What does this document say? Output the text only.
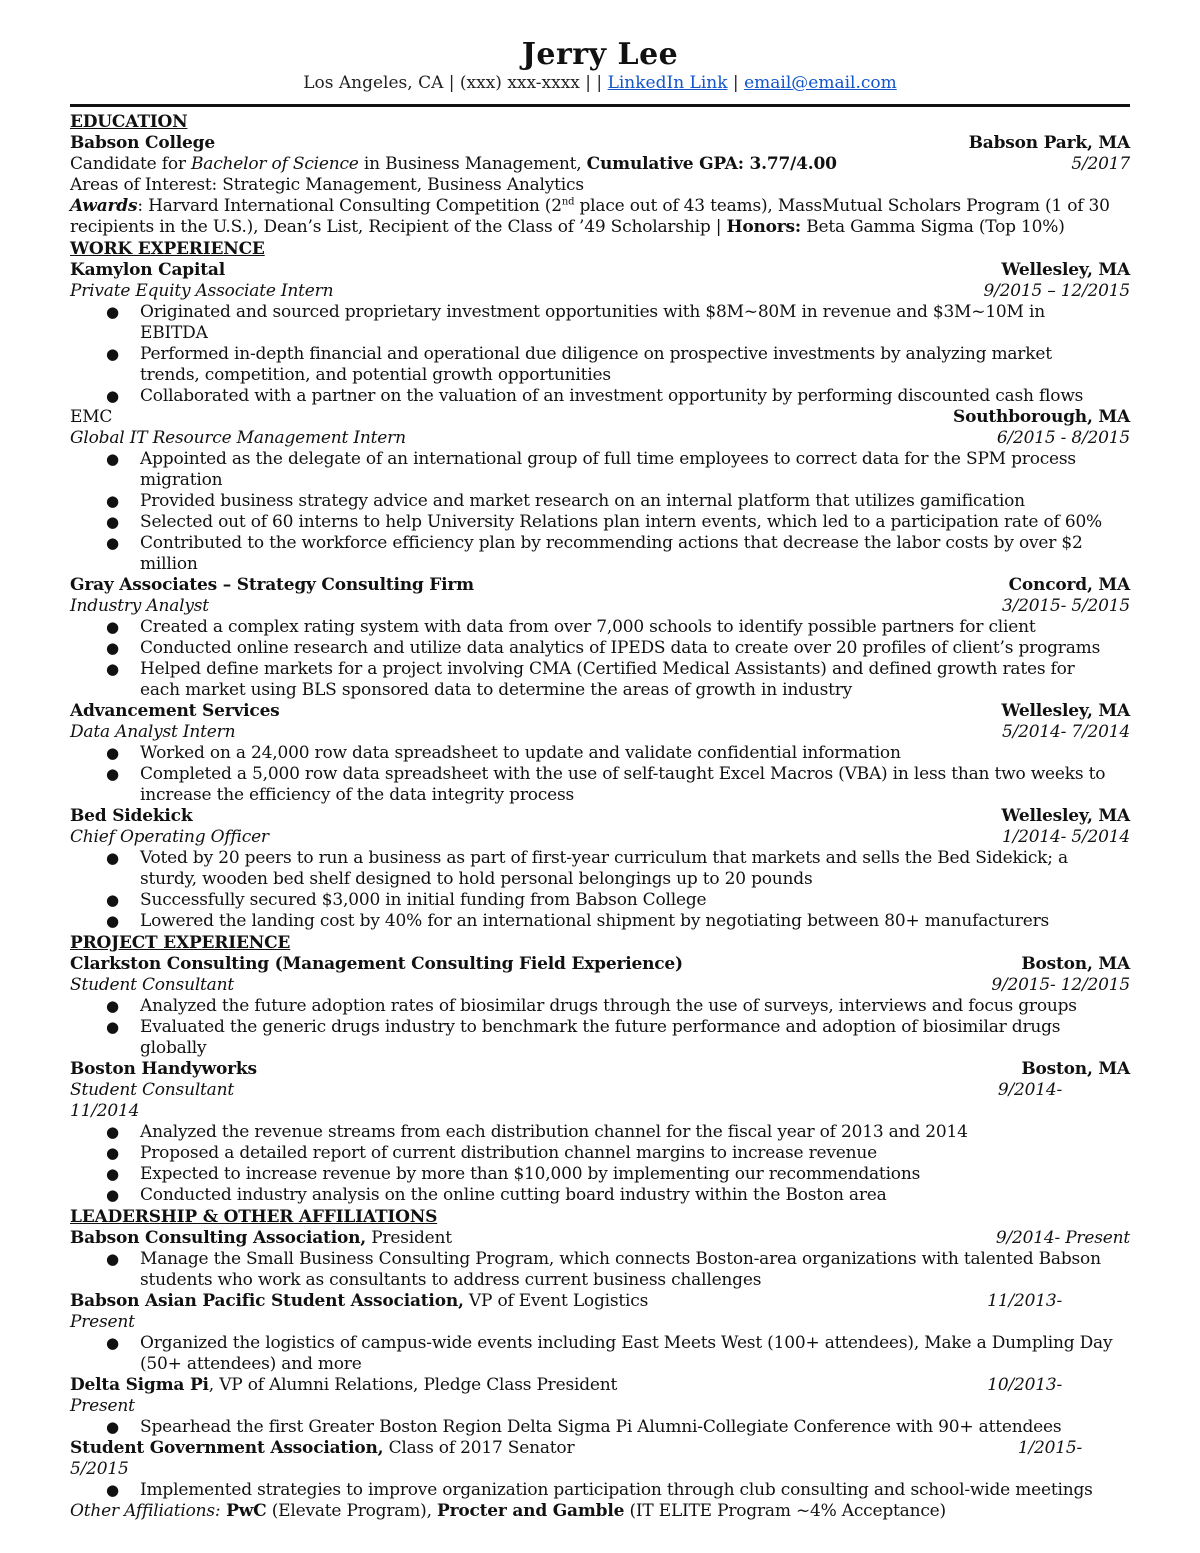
Jerry Lee
Los Angeles, CA | (xxx) xxx-xxxx | | LinkedIn Link | email@email.com
EDUCATION
Babson College	Babson Park, MA
Candidate for Bachelor of Science in Business Management, Cumulative GPA: 3.77/4.00	5/2017
Areas of Interest: Strategic Management, Business Analytics
Awards: Harvard International Consulting Competition (2nd place out of 43 teams), MassMutual Scholars Program (1 of 30 recipients in the U.S.), Dean’s List, Recipient of the Class of ’49 Scholarship | Honors: Beta Gamma Sigma (Top 10%)
WORK EXPERIENCE
Kamylon Capital	Wellesley, MA
Private Equity Associate Intern	9/2015 – 12/2015
● Originated and sourced proprietary investment opportunities with $8M~80M in revenue and $3M~10M in EBITDA
● Performed in-depth financial and operational due diligence on prospective investments by analyzing market trends, competition, and potential growth opportunities
● Collaborated with a partner on the valuation of an investment opportunity by performing discounted cash flows
EMC	Southborough, MA
Global IT Resource Management Intern	6/2015 - 8/2015
● Appointed as the delegate of an international group of full time employees to correct data for the SPM process migration
● Provided business strategy advice and market research on an internal platform that utilizes gamification
● Selected out of 60 interns to help University Relations plan intern events, which led to a participation rate of 60%
● Contributed to the workforce efficiency plan by recommending actions that decrease the labor costs by over $2 million
Gray Associates – Strategy Consulting Firm	Concord, MA
Industry Analyst	3/2015- 5/2015
● Created a complex rating system with data from over 7,000 schools to identify possible partners for client
● Conducted online research and utilize data analytics of IPEDS data to create over 20 profiles of client’s programs
● Helped define markets for a project involving CMA (Certified Medical Assistants) and defined growth rates for each market using BLS sponsored data to determine the areas of growth in industry
Advancement Services	Wellesley, MA
Data Analyst Intern	5/2014- 7/2014
● Worked on a 24,000 row data spreadsheet to update and validate confidential information
● Completed a 5,000 row data spreadsheet with the use of self-taught Excel Macros (VBA) in less than two weeks to increase the efficiency of the data integrity process
Bed Sidekick	Wellesley, MA
Chief Operating Officer	1/2014- 5/2014
● Voted by 20 peers to run a business as part of first-year curriculum that markets and sells the Bed Sidekick; a sturdy, wooden bed shelf designed to hold personal belongings up to 20 pounds
● Successfully secured $3,000 in initial funding from Babson College
● Lowered the landing cost by 40% for an international shipment by negotiating between 80+ manufacturers
PROJECT EXPERIENCE
Clarkston Consulting (Management Consulting Field Experience)	Boston, MA
Student Consultant	9/2015- 12/2015
● Analyzed the future adoption rates of biosimilar drugs through the use of surveys, interviews and focus groups
● Evaluated the generic drugs industry to benchmark the future performance and adoption of biosimilar drugs globally
Boston Handyworks	Boston, MA
Student Consultant	9/2014-
11/2014
● Analyzed the revenue streams from each distribution channel for the fiscal year of 2013 and 2014
● Proposed a detailed report of current distribution channel margins to increase revenue
● Expected to increase revenue by more than $10,000 by implementing our recommendations
● Conducted industry analysis on the online cutting board industry within the Boston area
LEADERSHIP & OTHER AFFILIATIONS
Babson Consulting Association, President	9/2014- Present
● Manage the Small Business Consulting Program, which connects Boston-area organizations with talented Babson students who work as consultants to address current business challenges
Babson Asian Pacific Student Association, VP of Event Logistics	11/2013-
Present
● Organized the logistics of campus-wide events including East Meets West (100+ attendees), Make a Dumpling Day (50+ attendees) and more
Delta Sigma Pi, VP of Alumni Relations, Pledge Class President	10/2013-
Present
● Spearhead the first Greater Boston Region Delta Sigma Pi Alumni-Collegiate Conference with 90+ attendees
Student Government Association, Class of 2017 Senator	1/2015-
5/2015
● Implemented strategies to improve organization participation through club consulting and school-wide meetings
Other Affiliations: PwC (Elevate Program), Procter and Gamble (IT ELITE Program ~4% Acceptance)
